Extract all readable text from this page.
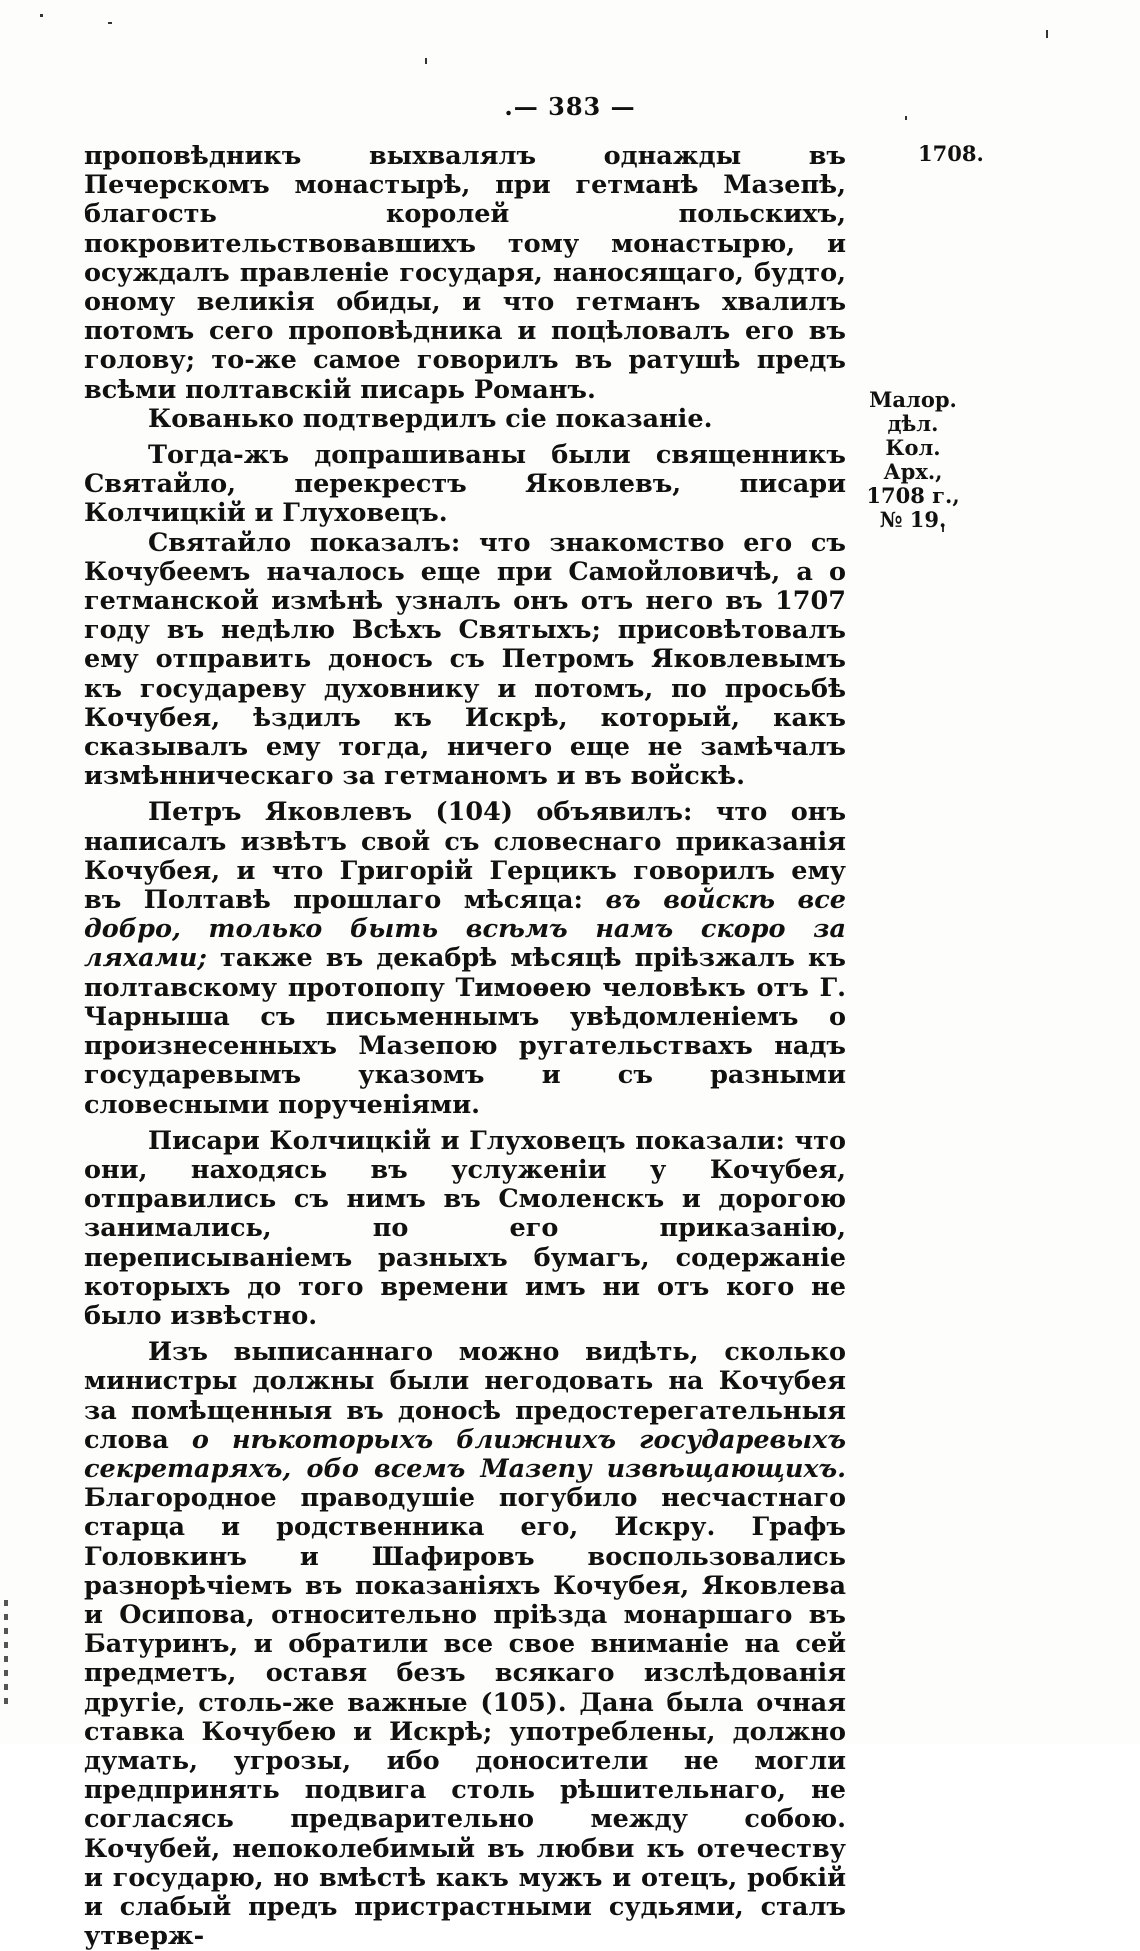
.— 383 —
1708.
Малор.
дѣл. Кол.
Арх.,
1708 г.,
№ 19.

проповѣдникъ выхвалялъ однажды въ Печерскомъ монастырѣ, при гетманѣ Мазепѣ, благость королей польскихъ, покровительствовавшихъ тому монастырю, и осуждалъ правленіе государя, наносящаго, будто, оному великія обиды, и что гетманъ хвалилъ потомъ сего проповѣдника и поцѣловалъ его въ голову; то-же самое говорилъ въ ратушѣ предъ всѣми полтавскій писарь Романъ.

Кованько подтвердилъ сіе показаніе.

Тогда-жъ допрашиваны были священникъ Святайло, перекрестъ Яковлевъ, писари Колчицкій и Глуховецъ.

Святайло показалъ: что знакомство его съ Кочубеемъ началось еще при Самойловичѣ, а о гетманской измѣнѣ узналъ онъ отъ него въ 1707 году въ недѣлю Всѣхъ Святыхъ; присовѣтовалъ ему отправить доносъ съ Петромъ Яковлевымъ къ государеву духовнику и потомъ, по просьбѣ Кочубея, ѣздилъ къ Искрѣ, который, какъ сказывалъ ему тогда, ничего еще не замѣчалъ измѣнническаго за гетманомъ и въ войскѣ.

Петръ Яковлевъ (104) объявилъ: что онъ написалъ извѣтъ свой съ словеснаго приказанія Кочубея, и что Григорій Герцикъ говорилъ ему въ Полтавѣ прошлаго мѣсяца: въ войскѣ все добро, только быть всѣмъ намъ скоро за ляхами; также въ декабрѣ мѣсяцѣ пріѣзжалъ къ полтавскому протопопу Тимоѳею человѣкъ отъ Г. Чарныша съ письменнымъ увѣдомленіемъ о произнесенныхъ Мазепою ругательствахъ надъ государевымъ указомъ и съ разными словесными порученіями.

Писари Колчицкій и Глуховецъ показали: что они, находясь въ услуженіи у Кочубея, отправились съ нимъ въ Смоленскъ и дорогою занимались, по его приказанію, переписываніемъ разныхъ бумагъ, содержаніе которыхъ до того времени имъ ни отъ кого не было извѣстно.

Изъ выписаннаго можно видѣть, сколько министры должны были негодовать на Кочубея за помѣщенныя въ доносѣ предостерегательныя слова о нѣкоторыхъ ближнихъ государевыхъ секретаряхъ, обо всемъ Мазепу извѣщающихъ. Благородное праводушіе погубило несчастнаго старца и родственника его, Искру. Графъ Головкинъ и Шафировъ воспользовались разнорѣчіемъ въ показаніяхъ Кочубея, Яковлева и Осипова, относительно пріѣзда монаршаго въ Батуринъ, и обратили все свое вниманіе на сей предметъ, оставя безъ всякаго изслѣдованія другіе, столь-же важные (105). Дана была очная ставка Кочубею и Искрѣ; употреблены, должно думать, угрозы, ибо доносители не могли предпринять подвига столь рѣшительнаго, не согласясь предварительно между собою. Кочубей, непоколебимый въ любви къ отечеству и государю, но вмѣстѣ какъ мужъ и отецъ, робкій и слабый предъ пристрастными судьями, сталъ утверж-
